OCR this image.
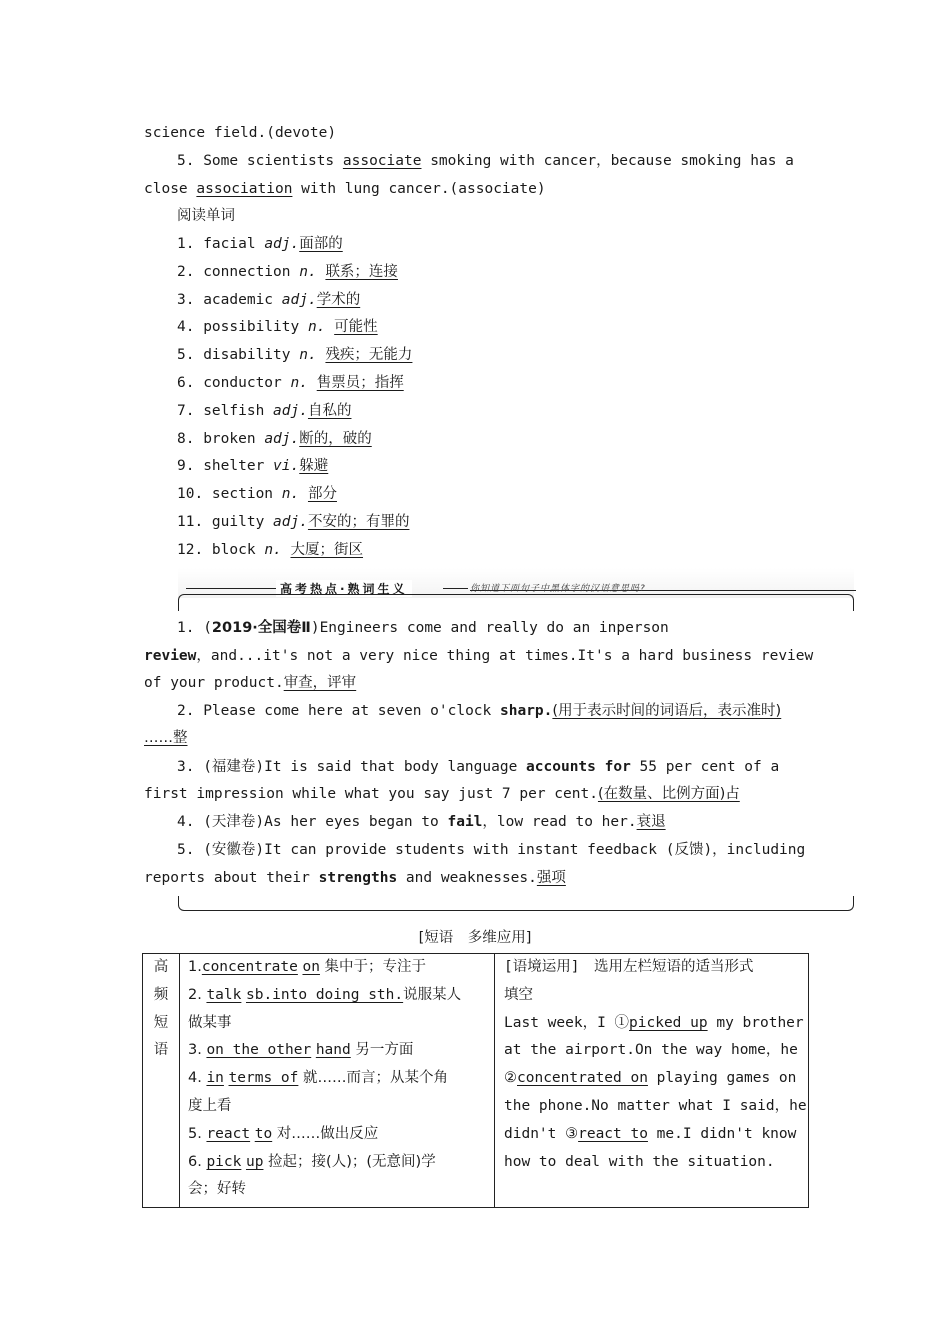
science field.(devote)
5. Some scientists associate smoking with cancer，because smoking has a
close association with lung cancer.(associate)
阅读单词
1. facial adj.面部的
2. connection n. 联系；连接
3. academic adj.学术的
4. possibility n. 可能性
5. disability n. 残疾；无能力
6. conductor n. 售票员；指挥
7. selfish adj.自私的
8. broken adj.断的，破的
9. shelter vi.躲避
10. section n. 部分
11. guilty adj.不安的；有罪的
12. block n. 大厦；街区
高考热点·熟词生义	你知道下面句子中黑体字的汉语意思吗?
1. (2019·全国卷Ⅱ)Engineers come and really do an inperson
review，and...it's not a very nice thing at times.It's a hard business review
of your product.审查，评审
2. Please come here at seven o'clock sharp.(用于表示时间的词语后，表示准时)
……整
3. (福建卷)It is said that body language accounts for 55 per cent of a
first impression while what you say just 7 per cent.(在数量、比例方面)占
4. (天津卷)As her eyes began to fail，low read to her.衰退
5. (安徽卷)It can provide students with instant feedback (反馈)，including
reports about their strengths and weaknesses.强项
[短语　多维应用]
高
频
短
语

1.concentrate on 集中于；专注于
2. talk sb.into doing sth.说服某人
做某事
3. on the other hand 另一方面
4. in terms of 就……而言；从某个角
度上看
5. react to 对……做出反应
6. pick up 捡起；接(人)；(无意间)学
会；好转

[语境运用]　选用左栏短语的适当形式
填空
Last week，I ①picked up my brother
at the airport.On the way home，he
②concentrated on playing games on
the phone.No matter what I said，he
didn't ③react to me.I didn't know
how to deal with the situation.
